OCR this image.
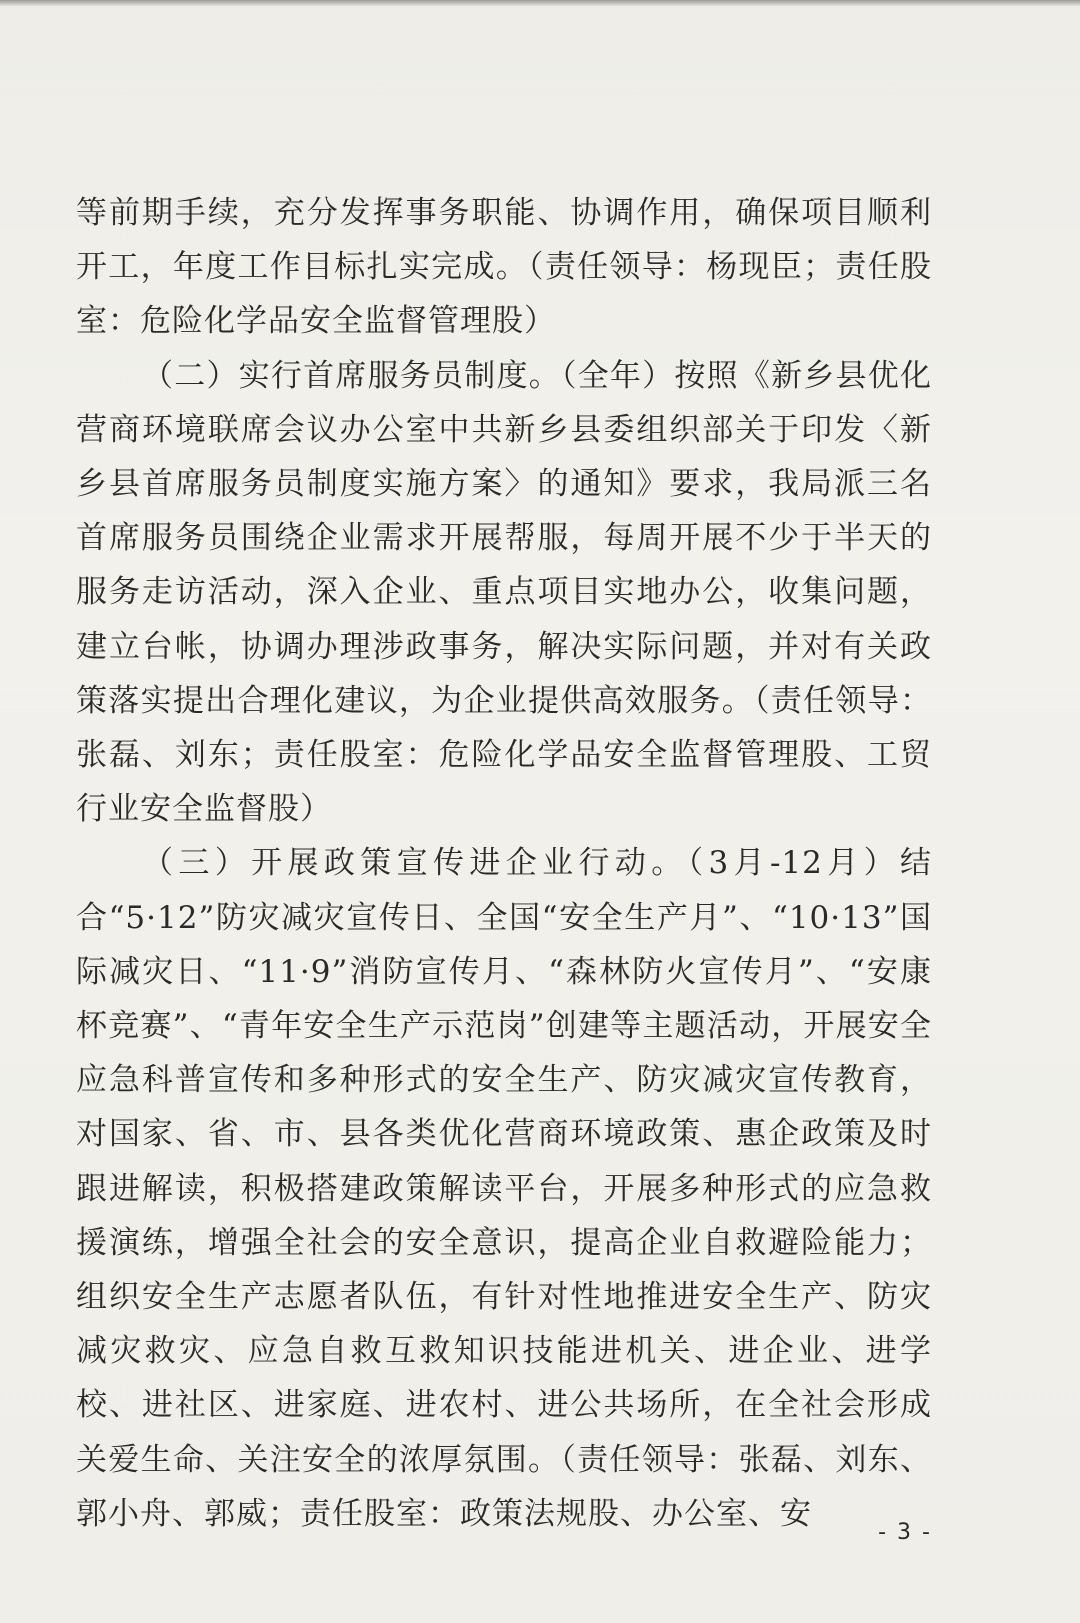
等前期手续，充分发挥事务职能、协调作用，确保项目顺利开工，年度工作目标扎实完成。（责任领导：杨现臣；责任股室：危险化学品安全监督管理股）

（二）实行首席服务员制度。（全年）按照《新乡县优化营商环境联席会议办公室中共新乡县委组织部关于印发〈新乡县首席服务员制度实施方案〉的通知》要求，我局派三名首席服务员围绕企业需求开展帮服，每周开展不少于半天的服务走访活动，深入企业、重点项目实地办公，收集问题，建立台帐，协调办理涉政事务，解决实际问题，并对有关政策落实提出合理化建议，为企业提供高效服务。（责任领导：张磊、刘东；责任股室：危险化学品安全监督管理股、工贸行业安全监督股）

（三）开展政策宣传进企业行动。（3月-12月）结合“5·12”防灾减灾宣传日、全国“安全生产月”、“10·13”国际减灾日、“11·9”消防宣传月、“森林防火宣传月”、“安康杯竞赛”、“青年安全生产示范岗”创建等主题活动，开展安全应急科普宣传和多种形式的安全生产、防灾减灾宣传教育，对国家、省、市、县各类优化营商环境政策、惠企政策及时跟进解读，积极搭建政策解读平台，开展多种形式的应急救援演练，增强全社会的安全意识，提高企业自救避险能力；组织安全生产志愿者队伍，有针对性地推进安全生产、防灾减灾救灾、应急自救互救知识技能进机关、进企业、进学校、进社区、进家庭、进农村、进公共场所，在全社会形成关爱生命、关注安全的浓厚氛围。（责任领导：张磊、刘东、郭小舟、郭威；责任股室：政策法规股、办公室、安

- 3 -
